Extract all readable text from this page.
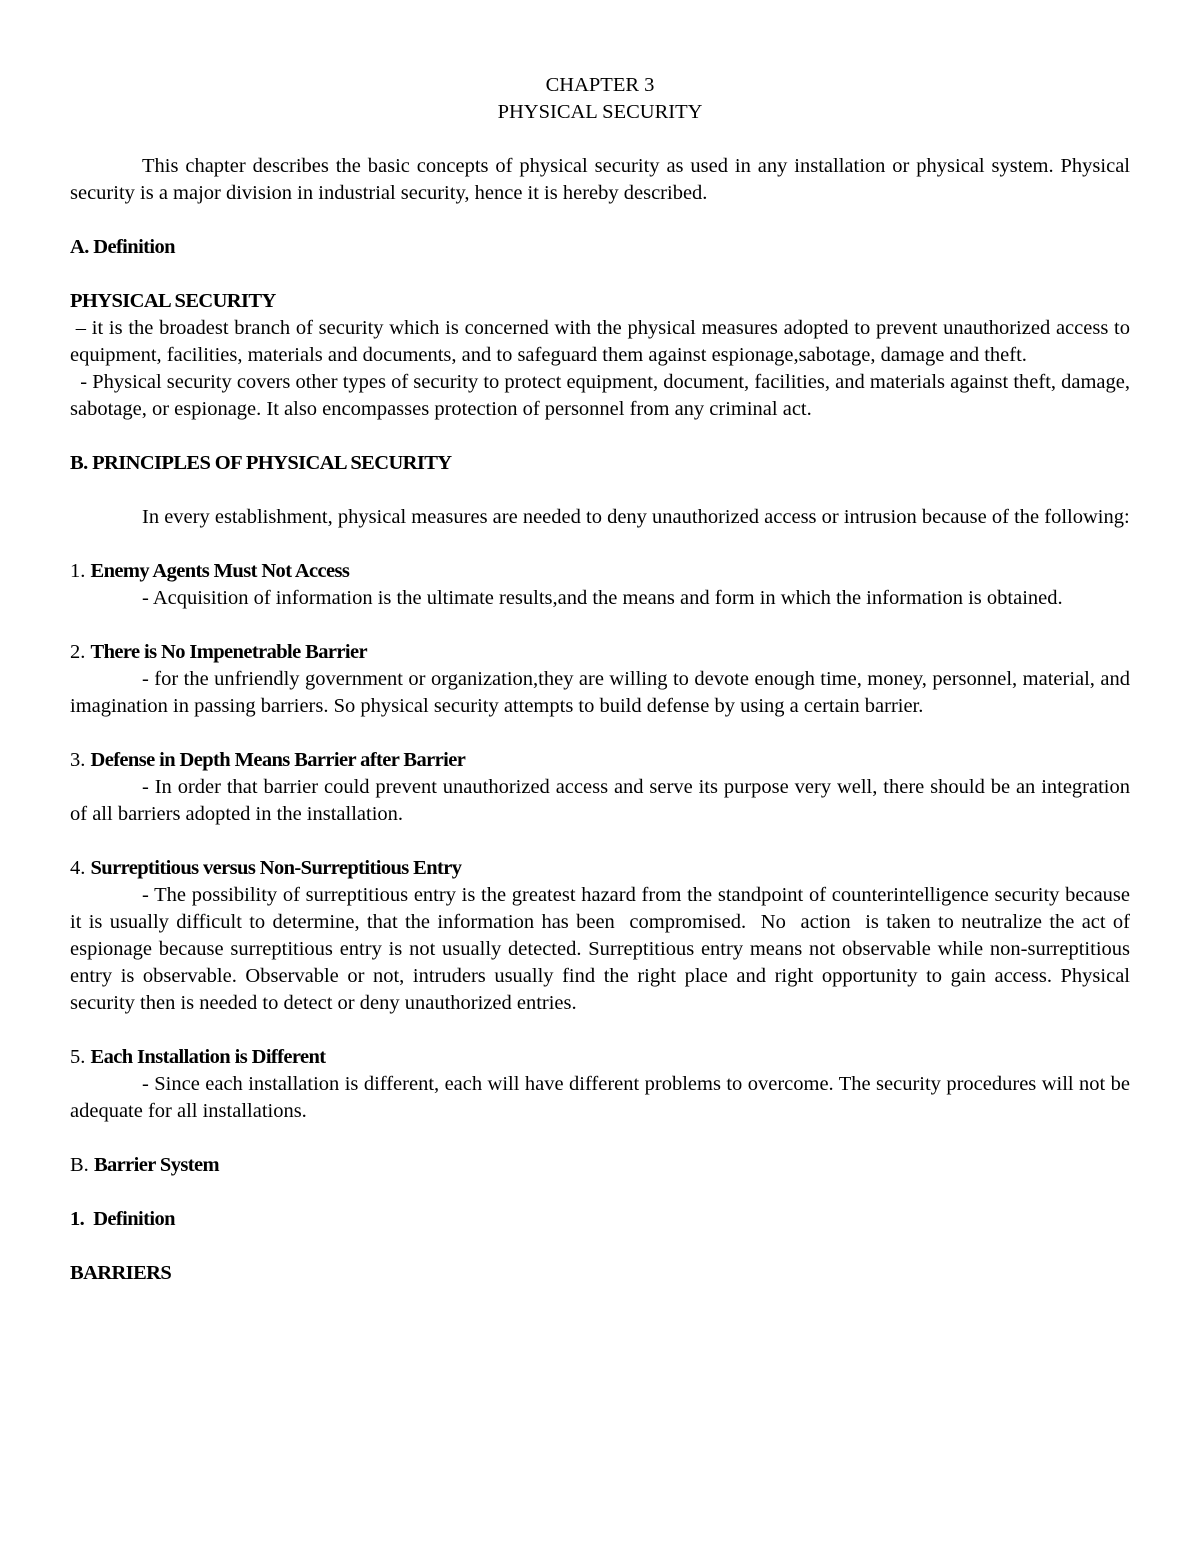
CHAPTER 3
PHYSICAL SECURITY

This chapter describes the basic concepts of physical security as used in any installation or physical system. Physical security is a major division in industrial security, hence it is hereby described.

A. Definition

PHYSICAL SECURITY

– it is the broadest branch of security which is concerned with the physical measures adopted to prevent unauthorized access to equipment, facilities, materials and documents, and to safeguard them against espionage,sabotage, damage and theft.

- Physical security covers other types of security to protect equipment, document, facilities, and materials against theft, damage, sabotage, or espionage. It also encompasses protection of personnel from any criminal act.

B. PRINCIPLES OF PHYSICAL SECURITY

In every establishment, physical measures are needed to deny unauthorized access or intrusion because of the following:

1. Enemy Agents Must Not Access

- Acquisition of information is the ultimate results,and the means and form in which the information is obtained.

2. There is No Impenetrable Barrier

- for the unfriendly government or organization,they are willing to devote enough time, money, personnel, material, and imagination in passing barriers. So physical security attempts to build defense by using a certain barrier.

3. Defense in Depth Means Barrier after Barrier

- In order that barrier could prevent unauthorized access and serve its purpose very well, there should be an integration of all barriers adopted in the installation.

4. Surreptitious versus Non-Surreptitious Entry

- The possibility of surreptitious entry is the greatest hazard from the standpoint of counterintelligence security because it is usually difficult to determine, that the information has been  compromised.  No  action  is taken to neutralize the act of espionage because surreptitious entry is not usually detected. Surreptitious entry means not observable while non-surreptitious entry is observable. Observable or not, intruders usually find the right place and right opportunity to gain access. Physical security then is needed to detect or deny unauthorized entries.

5. Each Installation is Different

- Since each installation is different, each will have different problems to overcome. The security procedures will not be adequate for all installations.

B. Barrier System

1.  Definition

BARRIERS
